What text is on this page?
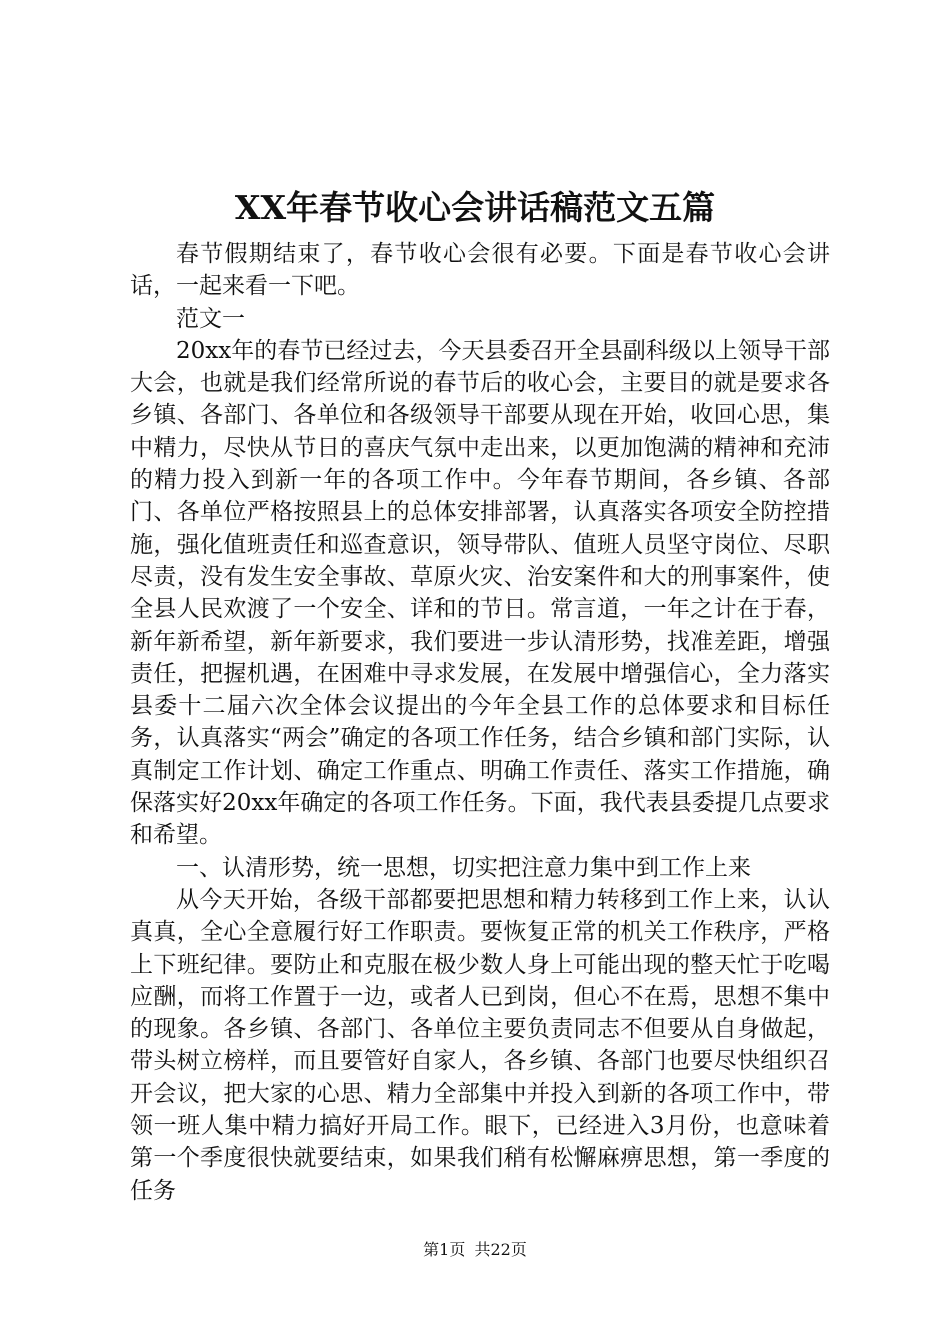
XX年春节收心会讲话稿范文五篇

春节假期结束了，春节收心会很有必要。下面是春节收心会讲话，一起来看一下吧。

范文一

20xx年的春节已经过去，今天县委召开全县副科级以上领导干部大会，也就是我们经常所说的春节后的收心会，主要目的就是要求各乡镇、各部门、各单位和各级领导干部要从现在开始，收回心思，集中精力，尽快从节日的喜庆气氛中走出来，以更加饱满的精神和充沛的精力投入到新一年的各项工作中。今年春节期间，各乡镇、各部门、各单位严格按照县上的总体安排部署，认真落实各项安全防控措施，强化值班责任和巡查意识，领导带队、值班人员坚守岗位、尽职尽责，没有发生安全事故、草原火灾、治安案件和大的刑事案件，使全县人民欢渡了一个安全、详和的节日。常言道，一年之计在于春，新年新希望，新年新要求，我们要进一步认清形势，找准差距，增强责任，把握机遇，在困难中寻求发展，在发展中增强信心，全力落实县委十二届六次全体会议提出的今年全县工作的总体要求和目标任务，认真落实“两会”确定的各项工作任务，结合乡镇和部门实际，认真制定工作计划、确定工作重点、明确工作责任、落实工作措施，确保落实好20xx年确定的各项工作任务。下面，我代表县委提几点要求和希望。

一、认清形势，统一思想，切实把注意力集中到工作上来

从今天开始，各级干部都要把思想和精力转移到工作上来，认认真真，全心全意履行好工作职责。要恢复正常的机关工作秩序，严格上下班纪律。要防止和克服在极少数人身上可能出现的整天忙于吃喝应酬，而将工作置于一边，或者人已到岗，但心不在焉，思想不集中的现象。各乡镇、各部门、各单位主要负责同志不但要从自身做起，带头树立榜样，而且要管好自家人，各乡镇、各部门也要尽快组织召开会议，把大家的心思、精力全部集中并投入到新的各项工作中，带领一班人集中精力搞好开局工作。眼下，已经进入3月份，也意味着第一个季度很快就要结束，如果我们稍有松懈麻痹思想，第一季度的任务

第1页 共22页
